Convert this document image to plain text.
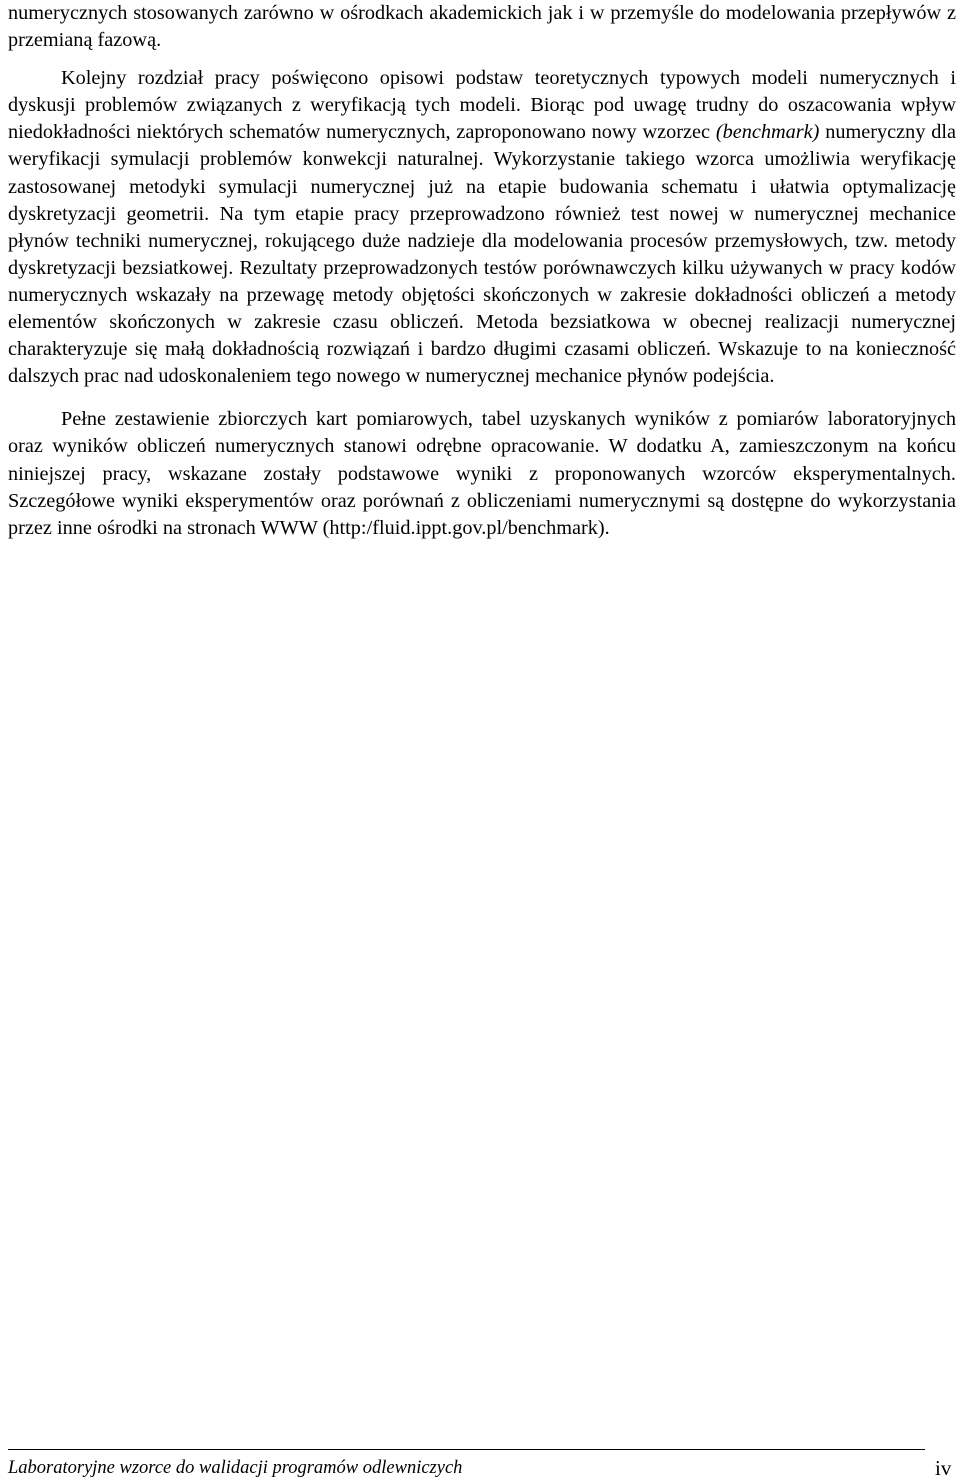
numerycznych stosowanych zarówno w ośrodkach akademickich jak i w przemyśle do modelowania przepływów z przemianą fazową.

Kolejny rozdział pracy poświęcono opisowi podstaw teoretycznych typowych modeli numerycznych i dyskusji problemów związanych z weryfikacją tych modeli. Biorąc pod uwagę trudny do oszacowania wpływ niedokładności niektórych schematów numerycznych, zaproponowano nowy wzorzec (benchmark) numeryczny dla weryfikacji symulacji problemów konwekcji naturalnej. Wykorzystanie takiego wzorca umożliwia weryfikację zastosowanej metodyki symulacji numerycznej już na etapie budowania schematu i ułatwia optymalizację dyskretyzacji geometrii. Na tym etapie pracy przeprowadzono również test nowej w numerycznej mechanice płynów techniki numerycznej, rokującego duże nadzieje dla modelowania procesów przemysłowych, tzw. metody dyskretyzacji bezsiatkowej. Rezultaty przeprowadzonych testów porównawczych kilku używanych w pracy kodów numerycznych wskazały na przewagę metody objętości skończonych w zakresie dokładności obliczeń a metody elementów skończonych w zakresie czasu obliczeń. Metoda bezsiatkowa w obecnej realizacji numerycznej charakteryzuje się małą dokładnością rozwiązań i bardzo długimi czasami obliczeń. Wskazuje to na konieczność dalszych prac nad udoskonaleniem tego nowego w numerycznej mechanice płynów podejścia.

Pełne zestawienie zbiorczych kart pomiarowych, tabel uzyskanych wyników z pomiarów laboratoryjnych oraz wyników obliczeń numerycznych stanowi odrębne opracowanie. W dodatku A, zamieszczonym na końcu niniejszej pracy, wskazane zostały podstawowe wyniki z proponowanych wzorców eksperymentalnych. Szczegółowe wyniki eksperymentów oraz porównań z obliczeniami numerycznymi są dostępne do wykorzystania przez inne ośrodki na stronach WWW (http:/fluid.ippt.gov.pl/benchmark).

Laboratoryjne wzorce do walidacji programów odlewniczych	iv
